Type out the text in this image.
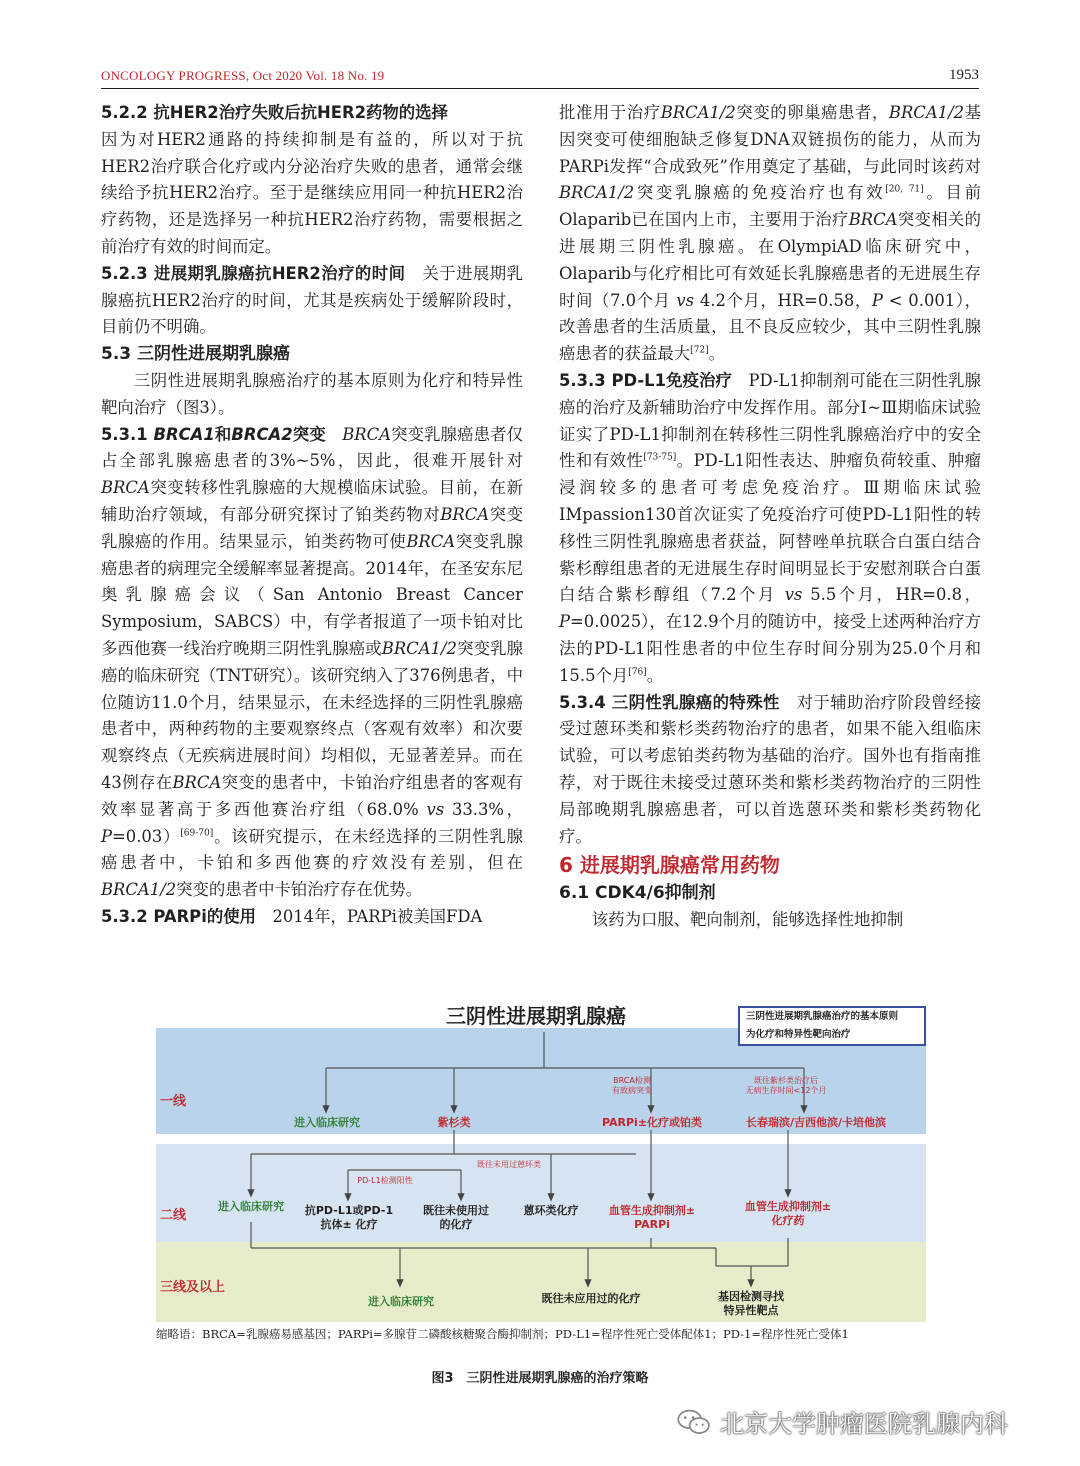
ONCOLOGY PROGRESS, Oct 2020 Vol. 18 No. 19	1953

5.2.2 抗HER2治疗失败后抗HER2药物的选择
因为对HER2通路的持续抑制是有益的，所以对于抗HER2治疗联合化疗或内分泌治疗失败的患者，通常会继续给予抗HER2治疗。至于是继续应用同一种抗HER2治疗药物，还是选择另一种抗HER2治疗药物，需要根据之前治疗有效的时间而定。

5.2.3 进展期乳腺癌抗HER2治疗的时间　 关于进展期乳腺癌抗HER2治疗的时间，尤其是疾病处于缓解阶段时，目前仍不明确。

5.3 三阴性进展期乳腺癌

三阴性进展期乳腺癌治疗的基本原则为化疗和特异性靶向治疗（图3）。

5.3.1 BRCA1和BRCA2突变　 BRCA突变乳腺癌患者仅占全部乳腺癌患者的3%~5%，因此，很难开展针对BRCA突变转移性乳腺癌的大规模临床试验。目前，在新辅助治疗领域，有部分研究探讨了铂类药物对BRCA突变乳腺癌的作用。结果显示，铂类药物可使BRCA突变乳腺癌患者的病理完全缓解率显著提高。2014年，在圣安东尼奥乳腺癌会议（San Antonio Breast Cancer Symposium，SABCS）中，有学者报道了一项卡铂对比多西他赛一线治疗晚期三阴性乳腺癌或BRCA1/2突变乳腺癌的临床研究（TNT研究）。该研究纳入了376例患者，中位随访11.0个月，结果显示，在未经选择的三阴性乳腺癌患者中，两种药物的主要观察终点（客观有效率）和次要观察终点（无疾病进展时间）均相似，无显著差异。而在43例存在BRCA突变的患者中，卡铂治疗组患者的客观有效率显著高于多西他赛治疗组（68.0% vs 33.3%，P=0.03）[69-70]。该研究提示，在未经选择的三阴性乳腺癌患者中，卡铂和多西他赛的疗效没有差别，但在BRCA1/2突变的患者中卡铂治疗存在优势。

5.3.2 PARPi的使用　 2014年，PARPi被美国FDA

批准用于治疗BRCA1/2突变的卵巢癌患者，BRCA1/2基因突变可使细胞缺乏修复DNA双链损伤的能力，从而为PARPi发挥“合成致死”作用奠定了基础，与此同时该药对BRCA1/2突变乳腺癌的免疫治疗也有效[20, 71]。目前Olaparib已在国内上市，主要用于治疗BRCA突变相关的进展期三阴性乳腺癌。在OlympiAD临床研究中，Olaparib与化疗相比可有效延长乳腺癌患者的无进展生存时间（7.0个月 vs 4.2个月，HR=0.58，P < 0.001），改善患者的生活质量，且不良反应较少，其中三阴性乳腺癌患者的获益最大[72]。

5.3.3 PD-L1免疫治疗　 PD-L1抑制剂可能在三阴性乳腺癌的治疗及新辅助治疗中发挥作用。部分Ⅰ~Ⅲ期临床试验证实了PD-L1抑制剂在转移性三阴性乳腺癌治疗中的安全性和有效性[73-75]。PD-L1阳性表达、肿瘤负荷较重、肿瘤浸润较多的患者可考虑免疫治疗。Ⅲ期临床试验IMpassion130首次证实了免疫治疗可使PD-L1阳性的转移性三阴性乳腺癌患者获益，阿替唑单抗联合白蛋白结合紫杉醇组患者的无进展生存时间明显长于安慰剂联合白蛋白结合紫杉醇组（7.2个月 vs 5.5个月，HR=0.8，P=0.0025），在12.9个月的随访中，接受上述两种治疗方法的PD-L1阳性患者的中位生存时间分别为25.0个月和15.5个月[76]。

5.3.4 三阴性乳腺癌的特殊性　 对于辅助治疗阶段曾经接受过蒽环类和紫杉类药物治疗的患者，如果不能入组临床试验，可以考虑铂类药物为基础的治疗。国外也有指南推荐，对于既往未接受过蒽环类和紫杉类药物治疗的三阴性局部晚期乳腺癌患者，可以首选蒽环类和紫杉类药物化疗。

6 进展期乳腺癌常用药物

6.1 CDK4/6抑制剂

该药为口服、靶向制剂，能够选择性地抑制

三阴性进展期乳腺癌	三阴性进展期乳腺癌治疗的基本原则
为化疗和特异性靶向治疗
一线
二线
三线及以上
进入临床研究	紫杉类	PARPi±化疗或铂类	长春瑞滨/吉西他滨/卡培他滨
BRCA检测
有致病突变
既往紫杉类治疗后
无病生存时间<12个月
PD-L1检测阳性
既往未用过蒽环类
进入临床研究	抗PD-L1或PD-1
抗体± 化疗
既往未使用过
的化疗
蒽环类化疗	血管生成抑制剂±
PARPi
血管生成抑制剂±
化疗药
进入临床研究	既往未应用过的化疗	基因检测寻找
特异性靶点
缩略语：BRCA=乳腺癌易感基因；PARPi=多腺苷二磷酸核糖聚合酶抑制剂；PD-L1=程序性死亡受体配体1；PD-1=程序性死亡受体1
图3　三阴性进展期乳腺癌的治疗策略
北京大学肿瘤医院乳腺内科
